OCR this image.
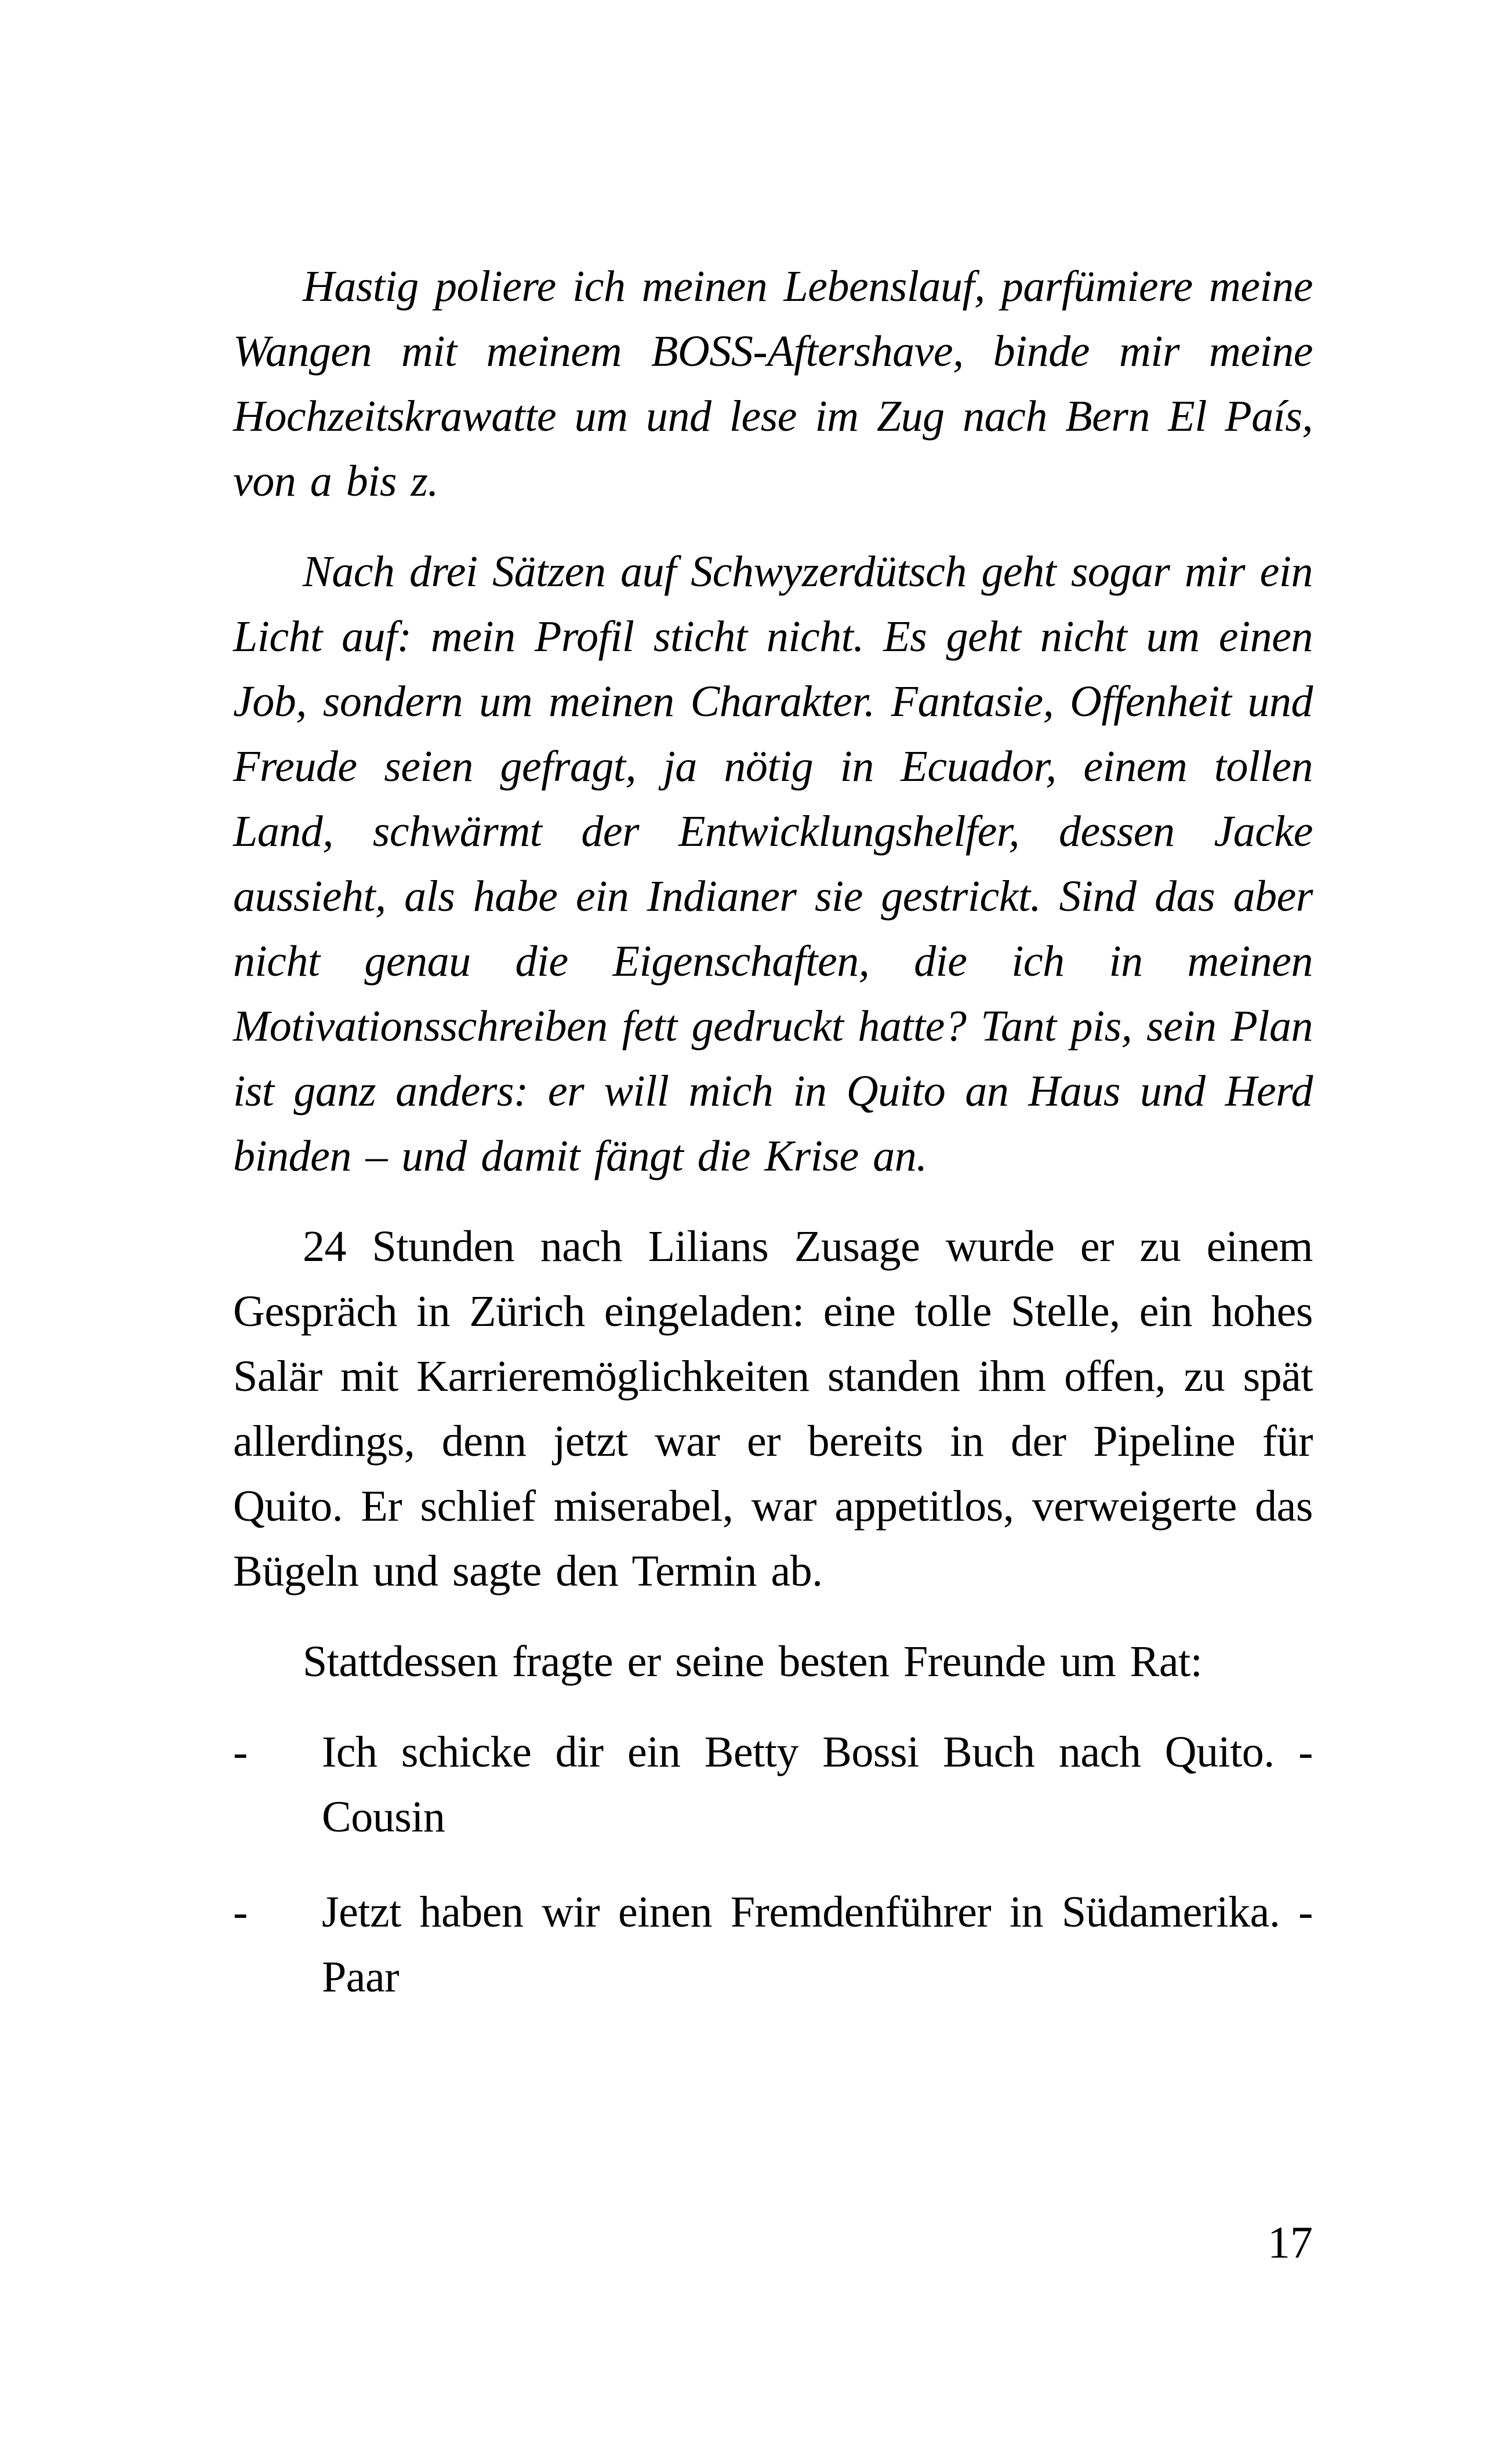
Hastig poliere ich meinen Lebenslauf, parfümiere meine Wangen mit meinem BOSS-Aftershave, binde mir meine Hochzeitskrawatte um und lese im Zug nach Bern El País, von a bis z.

Nach drei Sätzen auf Schwyzerdütsch geht sogar mir ein Licht auf: mein Profil sticht nicht. Es geht nicht um einen Job, sondern um meinen Charakter. Fantasie, Offenheit und Freude seien gefragt, ja nötig in Ecuador, einem tollen Land, schwärmt der Entwicklungshelfer, dessen Jacke aussieht, als habe ein Indianer sie gestrickt. Sind das aber nicht genau die Eigenschaften, die ich in meinen Motivationsschreiben fett gedruckt hatte? Tant pis, sein Plan ist ganz anders: er will mich in Quito an Haus und Herd binden – und damit fängt die Krise an.

24 Stunden nach Lilians Zusage wurde er zu einem Gespräch in Zürich eingeladen: eine tolle Stelle, ein hohes Salär mit Karrieremöglichkeiten standen ihm offen, zu spät allerdings, denn jetzt war er bereits in der Pipeline für Quito. Er schlief miserabel, war appetitlos, verweigerte das Bügeln und sagte den Termin ab.

Stattdessen fragte er seine besten Freunde um Rat:

-	Ich schicke dir ein Betty Bossi Buch nach Quito. - Cousin
-	Jetzt haben wir einen Fremdenführer in Südamerika. - Paar
17
